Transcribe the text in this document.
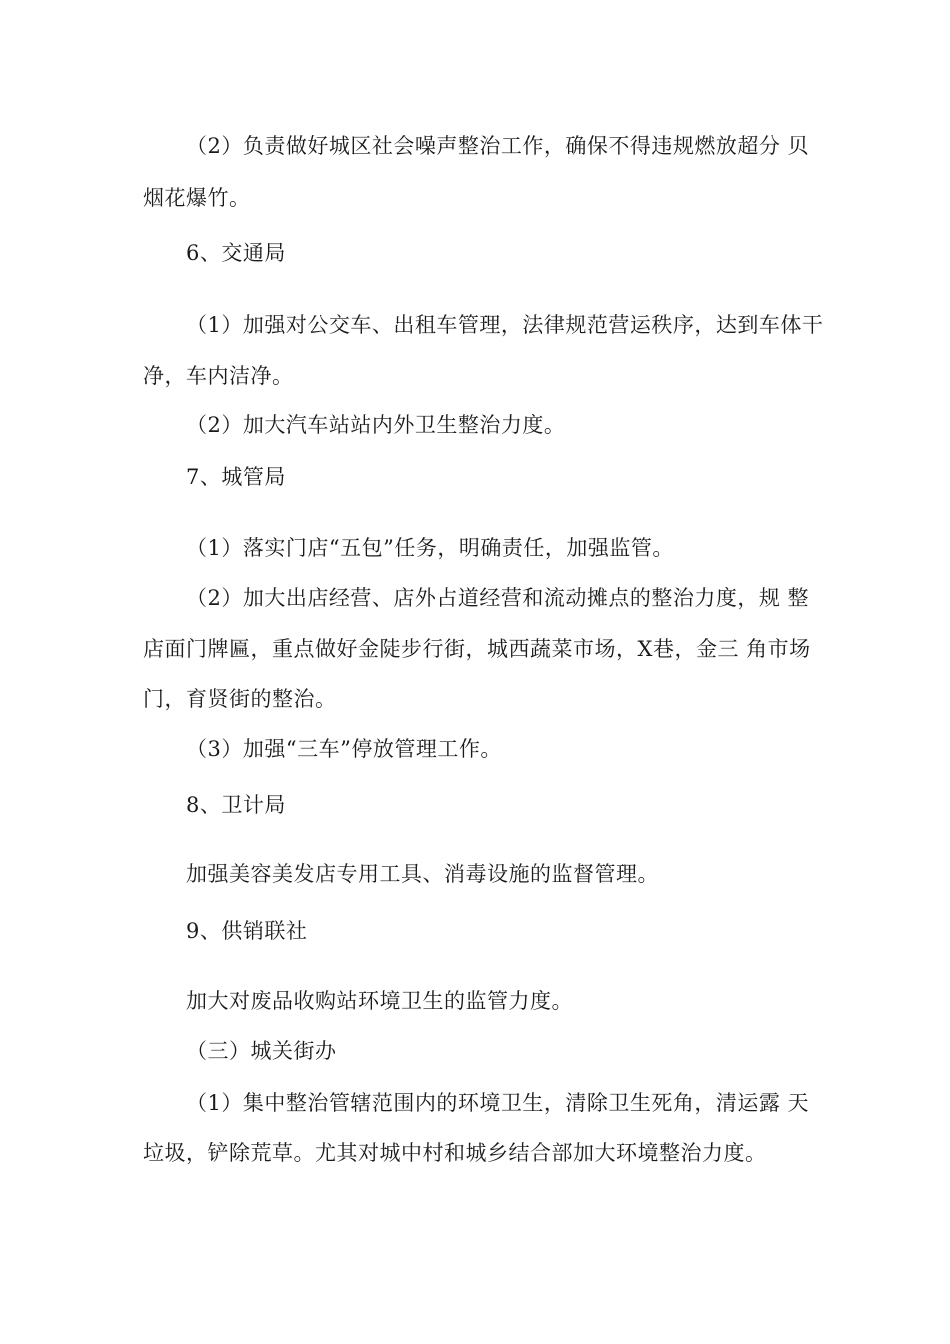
（2）负责做好城区社会噪声整治工作，确保不得违规燃放超分 贝
烟花爆竹。
6、交通局
（1）加强对公交车、出租车管理，法律规范营运秩序，达到车体干
净，车内洁净。
（2）加大汽车站站内外卫生整治力度。
7、城管局
（1）落实门店“五包”任务，明确责任，加强监管。
（2）加大出店经营、店外占道经营和流动摊点的整治力度，规 整
店面门牌匾，重点做好金陡步行街，城西蔬菜市场，X巷，金三 角市场
门，育贤街的整治。
（3）加强“三车”停放管理工作。
8、卫计局
加强美容美发店专用工具、消毒设施的监督管理。
9、供销联社
加大对废品收购站环境卫生的监管力度。
（三）城关街办
（1）集中整治管辖范围内的环境卫生，清除卫生死角，清运露 天
垃圾，铲除荒草。尤其对城中村和城乡结合部加大环境整治力度。
